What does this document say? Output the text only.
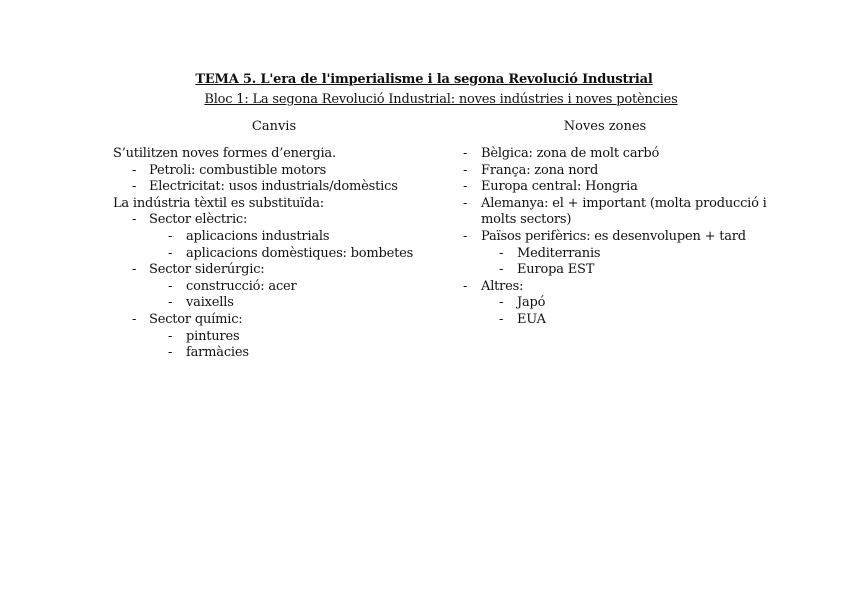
TEMA 5. L'era de l'imperialisme i la segona Revolució Industrial
Bloc 1: La segona Revolució Industrial: noves indústries i noves potències
Canvis	Noves zones
S’utilitzen noves formes d’energia.
- Petroli: combustible motors
- Electricitat: usos industrials/domèstics
La indústria tèxtil es substituïda:
- Sector elèctric:
- aplicacions industrials
- aplicacions domèstiques: bombetes
- Sector siderúrgic:
- construcció: acer
- vaixells
- Sector químic:
- pintures
- farmàcies
- Bèlgica: zona de molt carbó
- França: zona nord
- Europa central: Hongria
- Alemanya: el + important (molta producció i molts sectors)
- Països perifèrics: es desenvolupen + tard
- Mediterranis
- Europa EST
- Altres:
- Japó
- EUA
